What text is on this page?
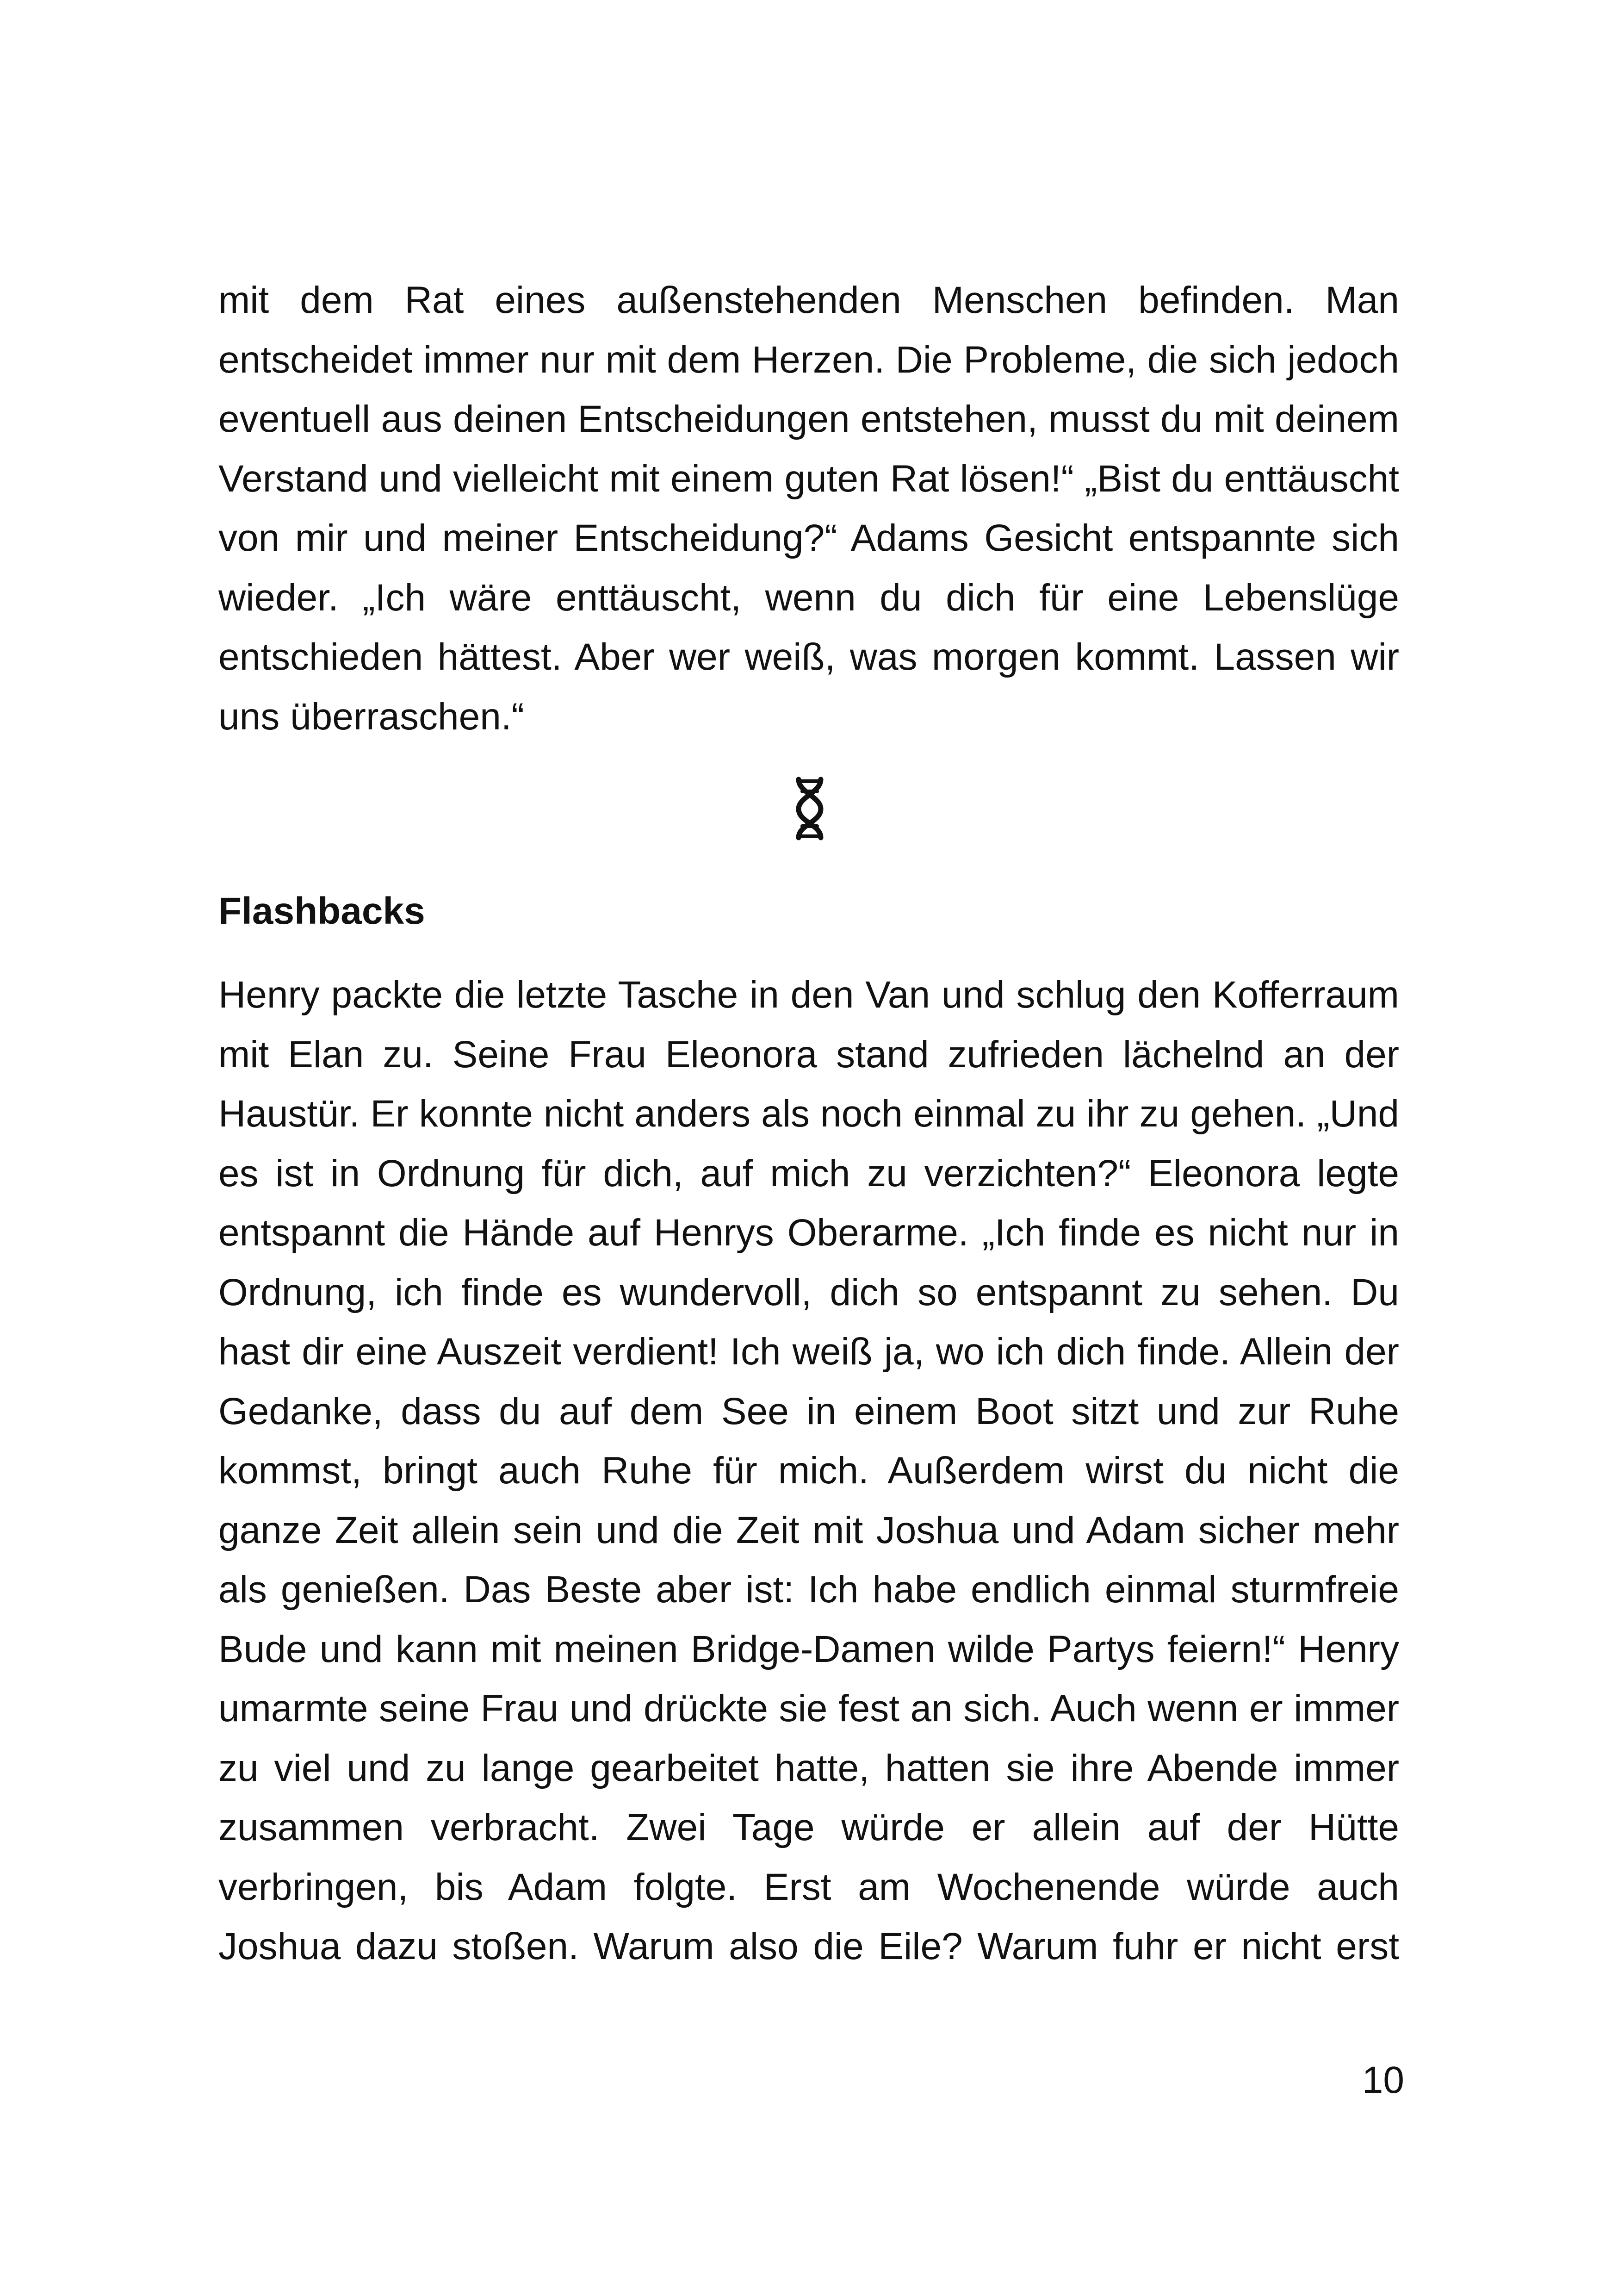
mit dem Rat eines außenstehenden Menschen befinden. Man entscheidet immer nur mit dem Herzen. Die Probleme, die sich jedoch eventuell aus deinen Entscheidungen entstehen, musst du mit deinem Verstand und vielleicht mit einem guten Rat lösen!“ „Bist du enttäuscht von mir und meiner Entscheidung?“ Adams Gesicht entspannte sich wieder. „Ich wäre enttäuscht, wenn du dich für eine Lebenslüge entschieden hättest. Aber wer weiß, was morgen kommt. Lassen wir uns überraschen.“

Flashbacks

Henry packte die letzte Tasche in den Van und schlug den Kofferraum mit Elan zu. Seine Frau Eleonora stand zufrieden lächelnd an der Haustür. Er konnte nicht anders als noch einmal zu ihr zu gehen. „Und es ist in Ordnung für dich, auf mich zu verzichten?“ Eleonora legte entspannt die Hände auf Henrys Oberarme. „Ich finde es nicht nur in Ordnung, ich finde es wundervoll, dich so entspannt zu sehen. Du hast dir eine Auszeit verdient! Ich weiß ja, wo ich dich finde. Allein der Gedanke, dass du auf dem See in einem Boot sitzt und zur Ruhe kommst, bringt auch Ruhe für mich. Außerdem wirst du nicht die ganze Zeit allein sein und die Zeit mit Joshua und Adam sicher mehr als genießen. Das Beste aber ist: Ich habe endlich einmal sturmfreie Bude und kann mit meinen Bridge-Damen wilde Partys feiern!“ Henry umarmte seine Frau und drückte sie fest an sich. Auch wenn er immer zu viel und zu lange gearbeitet hatte, hatten sie ihre Abende immer zusammen verbracht. Zwei Tage würde er allein auf der Hütte verbringen, bis Adam folgte. Erst am Wochenende würde auch Joshua dazu stoßen. Warum also die Eile? Warum fuhr er nicht erst

10
